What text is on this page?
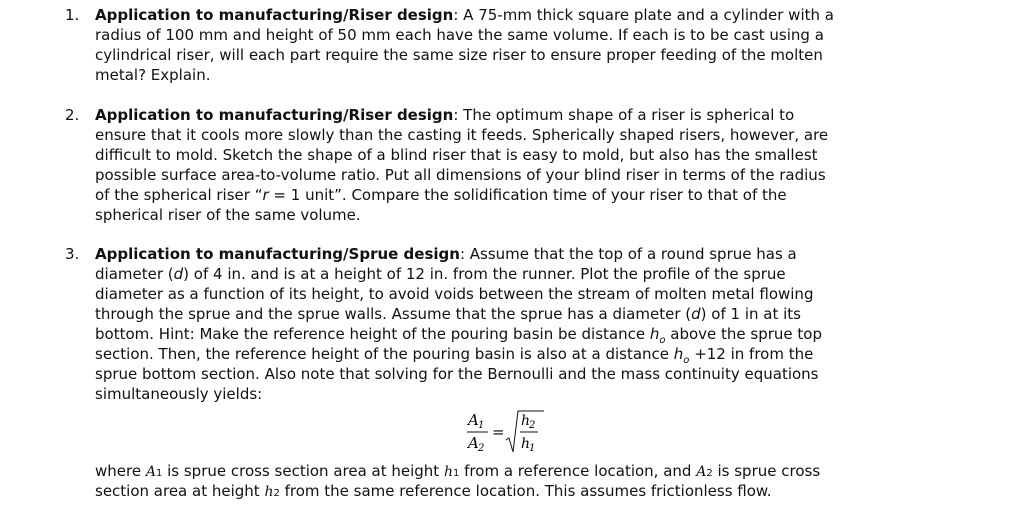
1. Application to manufacturing/Riser design: A 75-mm thick square plate and a cylinder with a
radius of 100 mm and height of 50 mm each have the same volume. If each is to be cast using a
cylindrical riser, will each part require the same size riser to ensure proper feeding of the molten
metal? Explain.
2. Application to manufacturing/Riser design: The optimum shape of a riser is spherical to
ensure that it cools more slowly than the casting it feeds. Spherically shaped risers, however, are
difficult to mold. Sketch the shape of a blind riser that is easy to mold, but also has the smallest
possible surface area-to-volume ratio. Put all dimensions of your blind riser in terms of the radius
of the spherical riser “r = 1 unit”. Compare the solidification time of your riser to that of the
spherical riser of the same volume.
3. Application to manufacturing/Sprue design: Assume that the top of a round sprue has a
diameter (d) of 4 in. and is at a height of 12 in. from the runner. Plot the profile of the sprue
diameter as a function of its height, to avoid voids between the stream of molten metal flowing
through the sprue and the sprue walls. Assume that the sprue has a diameter (d) of 1 in at its
bottom. Hint: Make the reference height of the pouring basin be distance $h_o$ above the sprue top
section. Then, the reference height of the pouring basin is also at a distance $h_o +12$ in from the
sprue bottom section. Also note that solving for the Bernoulli and the mass continuity equations
simultaneously yields:
A 1
A 2
=
h
2
h
1
where A1 is sprue cross section area at height h1 from a reference location, and A2 is sprue cross
section area at height h2 from the same reference location. This assumes frictionless flow.
